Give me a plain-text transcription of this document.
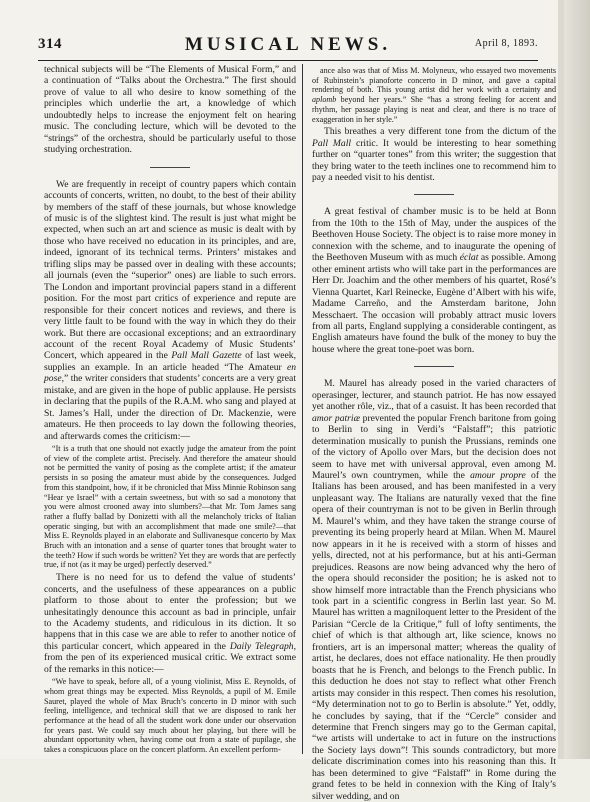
314	MUSICAL NEWS.	April 8, 1893.

technical subjects will be “The Elements of Musical Form,” and a continuation of “Talks about the Orchestra.” The first should prove of value to all who desire to know something of the principles which underlie the art, a knowledge of which undoubtedly helps to increase the enjoyment felt on hearing music. The concluding lecture, which will be devoted to the “strings” of the orchestra, should be particularly useful to those studying orchestration.

We are frequently in receipt of country papers which contain accounts of concerts, written, no doubt, to the best of their ability by members of the staff of these journals, but whose knowledge of music is of the slightest kind. The result is just what might be expected, when such an art and science as music is dealt with by those who have received no education in its principles, and are, indeed, ignorant of its technical terms. Printers’ mistakes and trifling slips may be passed over in dealing with these accounts; all journals (even the “superior” ones) are liable to such errors. The London and important provincial papers stand in a different position. For the most part critics of experience and repute are responsible for their concert notices and reviews, and there is very little fault to be found with the way in which they do their work. But there are occasional exceptions; and an extraordinary account of the recent Royal Academy of Music Students’ Concert, which appeared in the Pall Mall Gazette of last week, supplies an example. In an article headed “The Amateur en pose,” the writer considers that students’ concerts are a very great mistake, and are given in the hope of public applause. He persists in declaring that the pupils of the R.A.M. who sang and played at St. James’s Hall, under the direction of Dr. Mackenzie, were amateurs. He then proceeds to lay down the following theories, and afterwards comes the criticism:—

“It is a truth that one should not exactly judge the amateur from the point of view of the complete artist. Precisely. And therefore the amateur should not be permitted the vanity of posing as the complete artist; if the amateur persists in so posing the amateur must abide by the consequences. Judged from this standpoint, how, if it be chronicled that Miss Minnie Robinson sang “Hear ye Israel” with a certain sweetness, but with so sad a monotony that you were almost crooned away into slumbers?—that Mr. Tom James sang rather a fluffy ballad by Donizetti with all the melancholy tricks of Italian operatic singing, but with an accomplishment that made one smile?—that Miss E. Reynolds played in an elaborate and Sullivanesque concerto by Max Bruch with an intonation and a sense of quarter tones that brought water to the teeth? How if such words be written? Yet they are words that are perfectly true, if not (as it may be urged) perfectly deserved.”

There is no need for us to defend the value of students’ concerts, and the usefulness of these appearances on a public platform to those about to enter the profession; but we unhesitatingly denounce this account as bad in principle, unfair to the Academy students, and ridiculous in its diction. It so happens that in this case we are able to refer to another notice of this particular concert, which appeared in the Daily Telegraph, from the pen of its experienced musical critic. We extract some of the remarks in this notice:—

“We have to speak, before all, of a young violinist, Miss E. Reynolds, of whom great things may be expected. Miss Reynolds, a pupil of M. Emile Sauret, played the whole of Max Bruch’s concerto in D minor with such feeling, intelligence, and technical skill that we are disposed to rank her performance at the head of all the student work done under our observation for years past. We could say much about her playing, but there will be abundant opportunity when, having come out from a state of pupilage, she takes a conspicuous place on the concert platform. An excellent perform-

ance also was that of Miss M. Molyneux, who essayed two movements of Rubinstein’s pianoforte concerto in D minor, and gave a capital rendering of both. This young artist did her work with a certainty and aplomb beyond her years.” She “has a strong feeling for accent and rhythm, her passage playing is neat and clear, and there is no trace of exaggeration in her style.”

This breathes a very different tone from the dictum of the Pall Mall critic. It would be interesting to hear something further on “quarter tones” from this writer; the suggestion that they bring water to the teeth inclines one to recommend him to pay a needed visit to his dentist.

A great festival of chamber music is to be held at Bonn from the 10th to the 15th of May, under the auspices of the Beethoven House Society. The object is to raise more money in connexion with the scheme, and to inaugurate the opening of the Beethoven Museum with as much éclat as possible. Among other eminent artists who will take part in the performances are Herr Dr. Joachim and the other members of his quartet, Rosé’s Vienna Quartet, Karl Reinecke, Eugène d’Albert with his wife, Madame Carreño, and the Amsterdam baritone, John Messchaert. The occasion will probably attract music lovers from all parts, England supplying a considerable contingent, as English amateurs have found the bulk of the money to buy the house where the great tone-poet was born.

M. Maurel has already posed in the varied characters of operasinger, lecturer, and staunch patriot. He has now essayed yet another rôle, viz., that of a casuist. It has been recorded that amor patriæ prevented the popular French baritone from going to Berlin to sing in Verdi’s “Falstaff”; this patriotic determination musically to punish the Prussians, reminds one of the victory of Apollo over Mars, but the decision does not seem to have met with universal approval, even among M. Maurel’s own countrymen, while the amour propre of the Italians has been aroused, and has been manifested in a very unpleasant way. The Italians are naturally vexed that the fine opera of their countryman is not to be given in Berlin through M. Maurel’s whim, and they have taken the strange course of preventing its being properly heard at Milan. When M. Maurel now appears in it he is received with a storm of hisses and yells, directed, not at his performance, but at his anti-German prejudices. Reasons are now being advanced why the hero of the opera should reconsider the position; he is asked not to show himself more intractable than the French physicians who took part in a scientific congress in Berlin last year. So M. Maurel has written a magniloquent letter to the President of the Parisian “Cercle de la Critique,” full of lofty sentiments, the chief of which is that although art, like science, knows no frontiers, art is an impersonal matter; whereas the quality of artist, he declares, does not efface nationality. He then proudly boasts that he is French, and belongs to the French public. In this deduction he does not stay to reflect what other French artists may consider in this respect. Then comes his resolution, “My determination not to go to Berlin is absolute.” Yet, oddly, he concludes by saying, that if the “Cercle” consider and determine that French singers may go to the German capital, “we artists will undertake to act in future on the instructions the Society lays down”! This sounds contradictory, but more delicate discrimination comes into his reasoning than this. It has been determined to give “Falstaff” in Rome during the grand fetes to be held in connexion with the King of Italy’s silver wedding, and on
